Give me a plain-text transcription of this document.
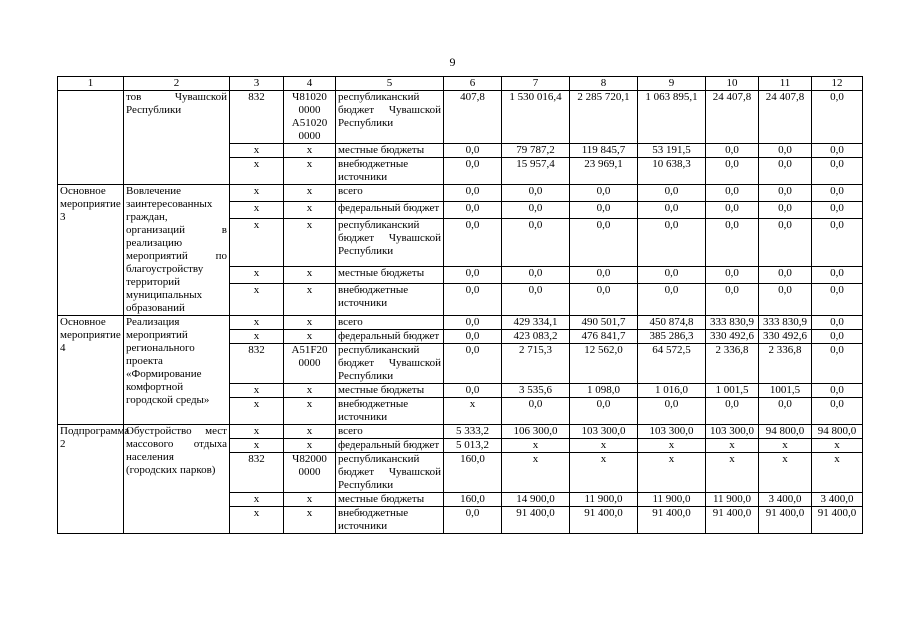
9
1	2	3	4	5	6	7	8	9	10	11	12
	тов Чувашской Республики	832	Ч81020
0000
А51020
0000	республиканский бюджет Чувашской Республики	407,8	1 530 016,4	2 285 720,1	1 063 895,1	24 407,8	24 407,8	0,0
		x	x	местные бюджеты	0,0	79 787,2	119 845,7	53 191,5	0,0	0,0	0,0
		x	x	внебюджетные источники	0,0	15 957,4	23 969,1	10 638,3	0,0	0,0	0,0
Основное мероприятие 3	Вовлечение заинтересованных граждан, организаций в реализацию мероприятий по благоустройству территорий муниципальных образований	x	x	всего	0,0	0,0	0,0	0,0	0,0	0,0	0,0
		x	x	федеральный бюджет	0,0	0,0	0,0	0,0	0,0	0,0	0,0
		x	x	республиканский бюджет Чувашской Республики	0,0	0,0	0,0	0,0	0,0	0,0	0,0
		x	x	местные бюджеты	0,0	0,0	0,0	0,0	0,0	0,0	0,0
		x	x	внебюджетные источники	0,0	0,0	0,0	0,0	0,0	0,0	0,0
Основное мероприятие 4	Реализация мероприятий регионального проекта «Формирование комфортной городской среды»	x	x	всего	0,0	429 334,1	490 501,7	450 874,8	333 830,9	333 830,9	0,0
		x	x	федеральный бюджет	0,0	423 083,2	476 841,7	385 286,3	330 492,6	330 492,6	0,0
		832	A51F20
0000	республиканский бюджет Чувашской Республики	0,0	2 715,3	12 562,0	64 572,5	2 336,8	2 336,8	0,0
		x	x	местные бюджеты	0,0	3 535,6	1 098,0	1 016,0	1 001,5	1001,5	0,0
		x	x	внебюджетные источники	x	0,0	0,0	0,0	0,0	0,0	0,0
Подпрограмма 2	Обустройство мест массового отдыха населения (городских парков)	x	x	всего	5 333,2	106 300,0	103 300,0	103 300,0	103 300,0	94 800,0	94 800,0
		x	x	федеральный бюджет	5 013,2	x	x	x	x	x	x
		832	Ч82000
0000	республиканский бюджет Чувашской Республики	160,0	x	x	x	x	x	x
		x	x	местные бюджеты	160,0	14 900,0	11 900,0	11 900,0	11 900,0	3 400,0	3 400,0
		x	x	внебюджетные источники	0,0	91 400,0	91 400,0	91 400,0	91 400,0	91 400,0	91 400,0
